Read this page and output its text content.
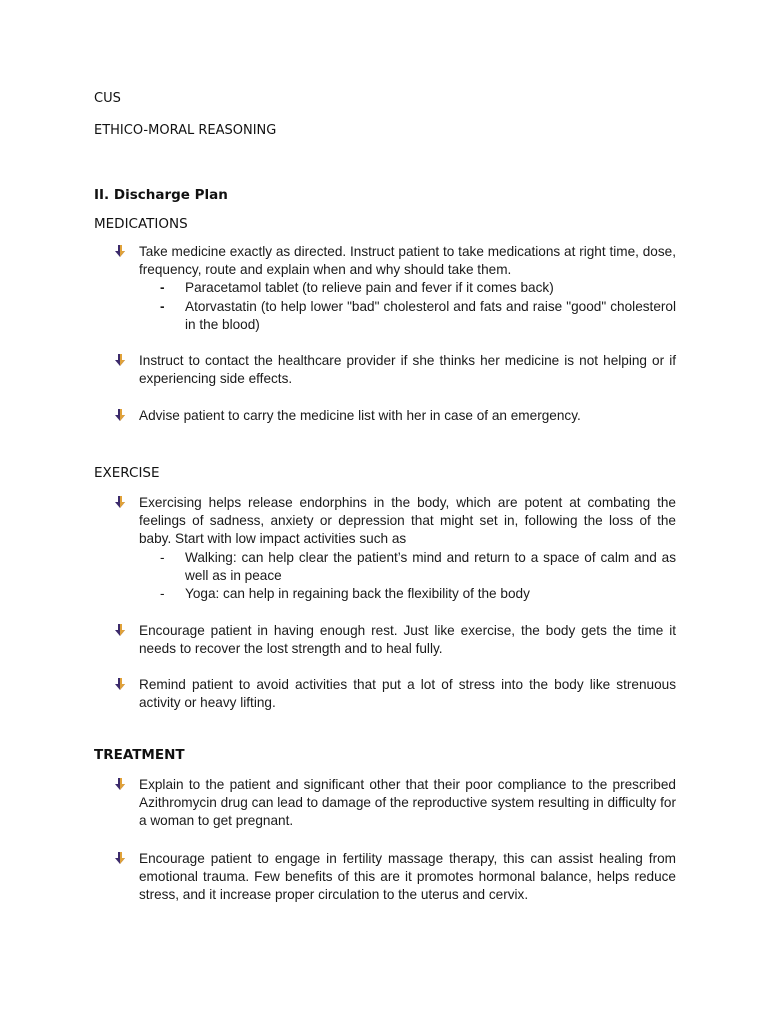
CUS
ETHICO-MORAL REASONING
II. Discharge Plan
MEDICATIONS
Take medicine exactly as directed. Instruct patient to take medications at right time, dose, frequency, route and explain when and why should take them.
- Paracetamol tablet (to relieve pain and fever if it comes back)
- Atorvastatin (to help lower "bad" cholesterol and fats and raise "good" cholesterol in the blood)
Instruct to contact the healthcare provider if she thinks her medicine is not helping or if experiencing side effects.
Advise patient to carry the medicine list with her in case of an emergency.
EXERCISE
Exercising helps release endorphins in the body, which are potent at combating the feelings of sadness, anxiety or depression that might set in, following the loss of the baby. Start with low impact activities such as
- Walking: can help clear the patient’s mind and return to a space of calm and as well as in peace
- Yoga: can help in regaining back the flexibility of the body
Encourage patient in having enough rest. Just like exercise, the body gets the time it needs to recover the lost strength and to heal fully.
Remind patient to avoid activities that put a lot of stress into the body like strenuous activity or heavy lifting.
TREATMENT
Explain to the patient and significant other that their poor compliance to the prescribed Azithromycin drug can lead to damage of the reproductive system resulting in difficulty for a woman to get pregnant.
Encourage patient to engage in fertility massage therapy, this can assist healing from emotional trauma. Few benefits of this are it promotes hormonal balance, helps reduce stress, and it increase proper circulation to the uterus and cervix.
